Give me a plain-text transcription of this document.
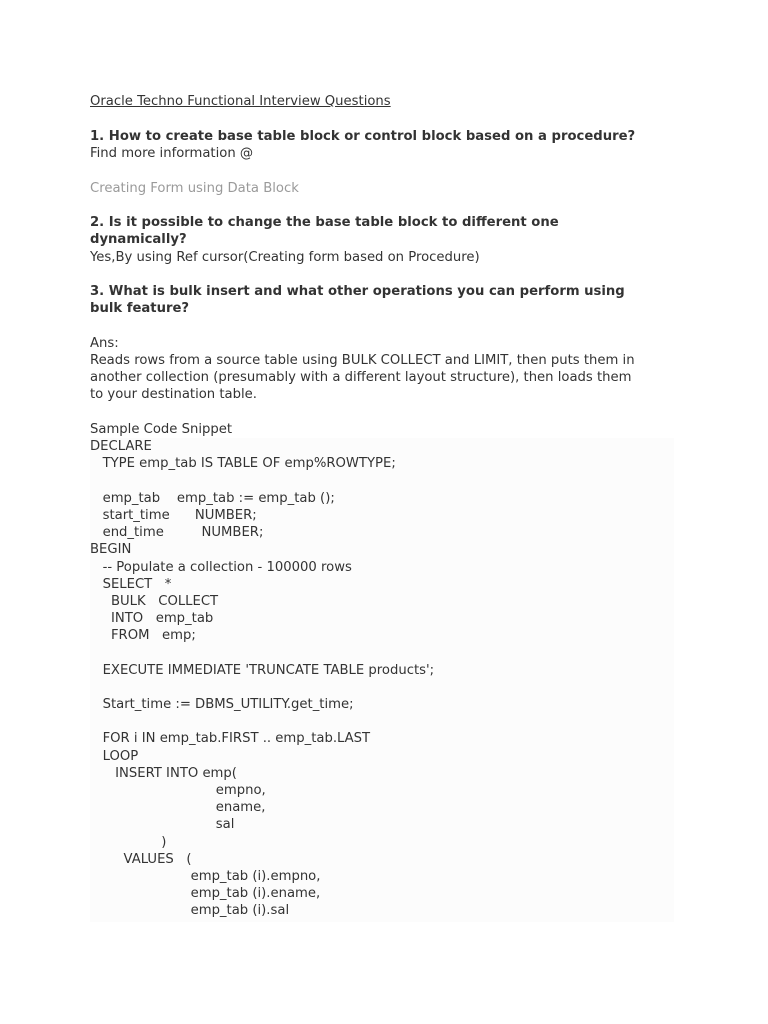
Oracle Techno Functional Interview Questions
1. How to create base table block or control block based on a procedure?
Find more information @
Creating Form using Data Block
2. Is it possible to change the base table block to different one
dynamically?
Yes,By using Ref cursor(Creating form based on Procedure)
3. What is bulk insert and what other operations you can perform using
bulk feature?
Ans:
Reads rows from a source table using BULK COLLECT and LIMIT, then puts them in
another collection (presumably with a different layout structure), then loads them
to your destination table.
Sample Code Snippet
DECLARE
TYPE emp_tab IS TABLE OF emp%ROWTYPE;
emp_tab    emp_tab := emp_tab ();
start_time      NUMBER;
end_time         NUMBER;
BEGIN
-- Populate a collection - 100000 rows
SELECT   *
BULK   COLLECT
INTO   emp_tab
FROM   emp;
EXECUTE IMMEDIATE 'TRUNCATE TABLE products';
Start_time := DBMS_UTILITY.get_time;
FOR i IN emp_tab.FIRST .. emp_tab.LAST
LOOP
INSERT INTO emp(
empno,
ename,
sal
)
VALUES   (
emp_tab (i).empno,
emp_tab (i).ename,
emp_tab (i).sal
